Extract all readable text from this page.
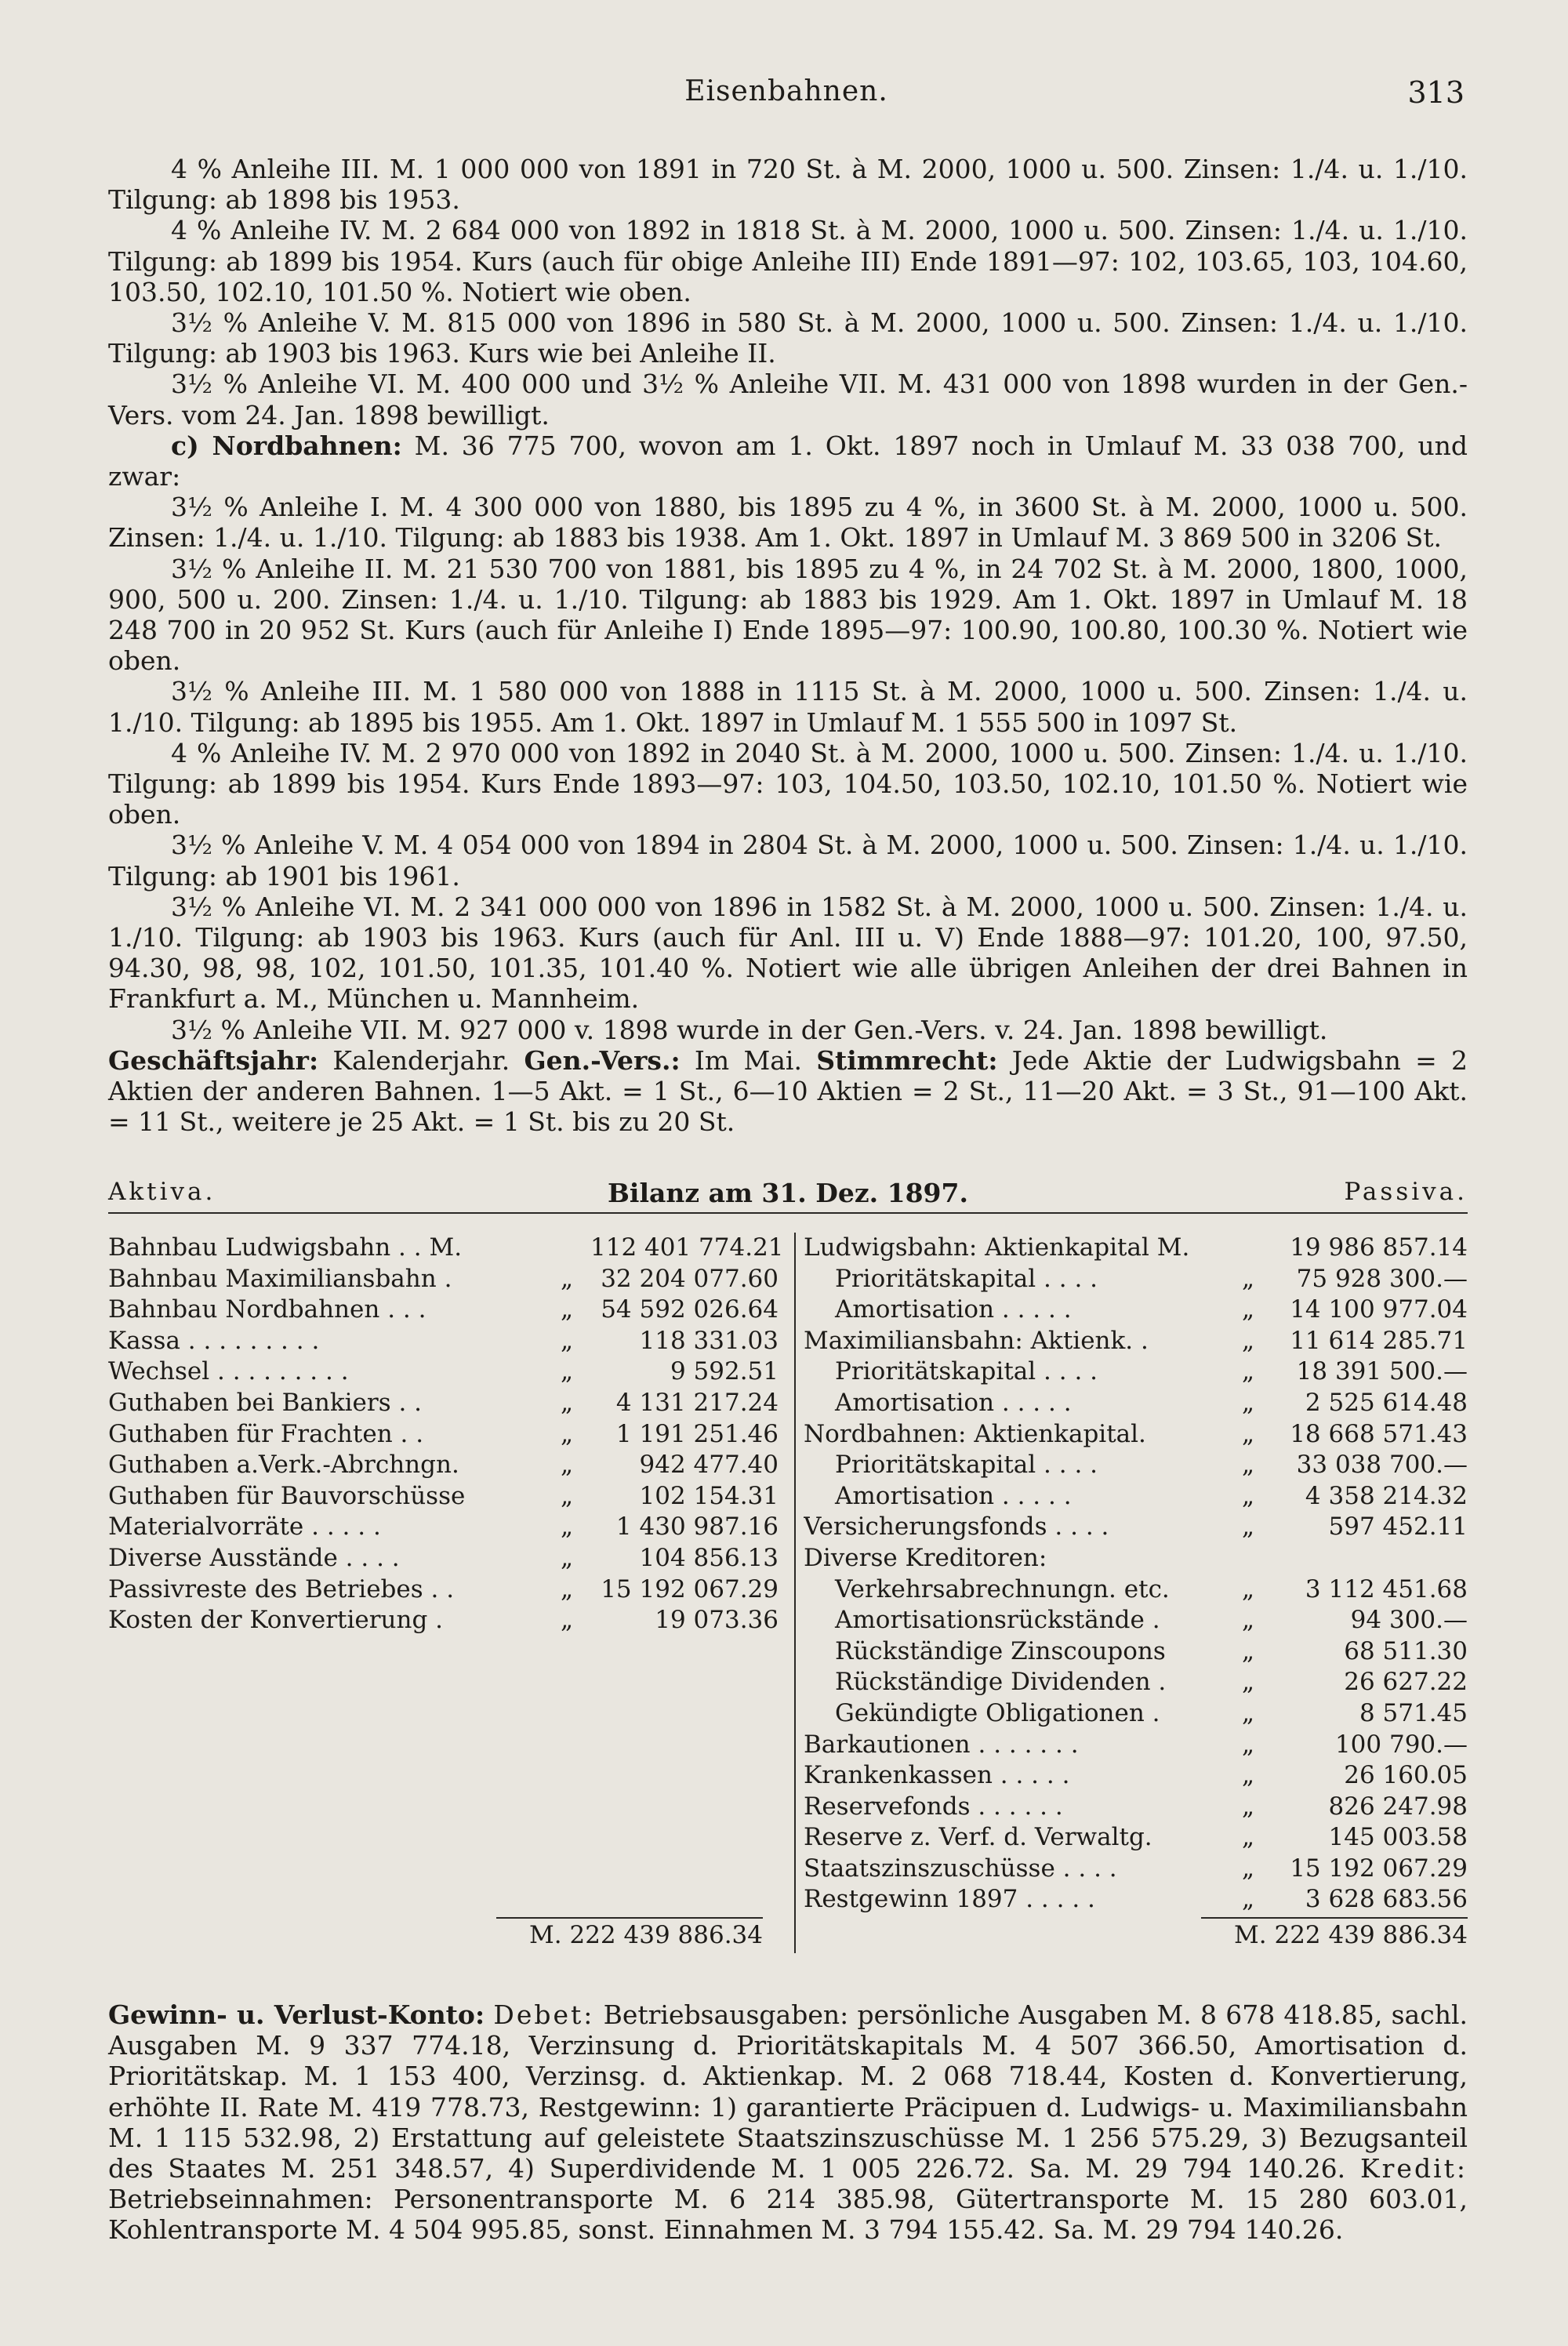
Eisenbahnen.	313

4 % Anleihe III. M. 1 000 000 von 1891 in 720 St. à M. 2000, 1000 u. 500. Zinsen: 1./4. u. 1./10. Tilgung: ab 1898 bis 1953.

4 % Anleihe IV. M. 2 684 000 von 1892 in 1818 St. à M. 2000, 1000 u. 500. Zinsen: 1./4. u. 1./10. Tilgung: ab 1899 bis 1954. Kurs (auch für obige Anleihe III) Ende 1891—97: 102, 103.65, 103, 104.60, 103.50, 102.10, 101.50 %. Notiert wie oben.

3½ % Anleihe V. M. 815 000 von 1896 in 580 St. à M. 2000, 1000 u. 500. Zinsen: 1./4. u. 1./10. Tilgung: ab 1903 bis 1963. Kurs wie bei Anleihe II.

3½ % Anleihe VI. M. 400 000 und 3½ % Anleihe VII. M. 431 000 von 1898 wurden in der Gen.-Vers. vom 24. Jan. 1898 bewilligt.

c) Nordbahnen: M. 36 775 700, wovon am 1. Okt. 1897 noch in Umlauf M. 33 038 700, und zwar:

3½ % Anleihe I. M. 4 300 000 von 1880, bis 1895 zu 4 %, in 3600 St. à M. 2000, 1000 u. 500. Zinsen: 1./4. u. 1./10. Tilgung: ab 1883 bis 1938. Am 1. Okt. 1897 in Umlauf M. 3 869 500 in 3206 St.

3½ % Anleihe II. M. 21 530 700 von 1881, bis 1895 zu 4 %, in 24 702 St. à M. 2000, 1800, 1000, 900, 500 u. 200. Zinsen: 1./4. u. 1./10. Tilgung: ab 1883 bis 1929. Am 1. Okt. 1897 in Umlauf M. 18 248 700 in 20 952 St. Kurs (auch für Anleihe I) Ende 1895—97: 100.90, 100.80, 100.30 %. Notiert wie oben.

3½ % Anleihe III. M. 1 580 000 von 1888 in 1115 St. à M. 2000, 1000 u. 500. Zinsen: 1./4. u. 1./10. Tilgung: ab 1895 bis 1955. Am 1. Okt. 1897 in Umlauf M. 1 555 500 in 1097 St.

4 % Anleihe IV. M. 2 970 000 von 1892 in 2040 St. à M. 2000, 1000 u. 500. Zinsen: 1./4. u. 1./10. Tilgung: ab 1899 bis 1954. Kurs Ende 1893—97: 103, 104.50, 103.50, 102.10, 101.50 %. Notiert wie oben.

3½ % Anleihe V. M. 4 054 000 von 1894 in 2804 St. à M. 2000, 1000 u. 500. Zinsen: 1./4. u. 1./10. Tilgung: ab 1901 bis 1961.

3½ % Anleihe VI. M. 2 341 000 000 von 1896 in 1582 St. à M. 2000, 1000 u. 500. Zinsen: 1./4. u. 1./10. Tilgung: ab 1903 bis 1963. Kurs (auch für Anl. III u. V) Ende 1888—97: 101.20, 100, 97.50, 94.30, 98, 98, 102, 101.50, 101.35, 101.40 %. Notiert wie alle übrigen Anleihen der drei Bahnen in Frankfurt a. M., München u. Mannheim.

3½ % Anleihe VII. M. 927 000 v. 1898 wurde in der Gen.-Vers. v. 24. Jan. 1898 bewilligt.

Geschäftsjahr: Kalenderjahr. Gen.-Vers.: Im Mai. Stimmrecht: Jede Aktie der Ludwigsbahn = 2 Aktien der anderen Bahnen. 1—5 Akt. = 1 St., 6—10 Aktien = 2 St., 11—20 Akt. = 3 St., 91—100 Akt. = 11 St., weitere je 25 Akt. = 1 St. bis zu 20 St.

Aktiva.	Bilanz am 31. Dez. 1897.	Passiva.
Bahnbau Ludwigsbahn . . M.	112 401 774.21
Bahnbau Maximiliansbahn .	„	32 204 077.60
Bahnbau Nordbahnen . . .	„	54 592 026.64
Kassa . . . . . . . . .	„	118 331.03
Wechsel . . . . . . . . .	„	9 592.51
Guthaben bei Bankiers . .	„	4 131 217.24
Guthaben für Frachten . .	„	1 191 251.46
Guthaben a.Verk.-Abrchngn.	„	942 477.40
Guthaben für Bauvorschüsse	„	102 154.31
Materialvorräte . . . . .	„	1 430 987.16
Diverse Ausstände . . . .	„	104 856.13
Passivreste des Betriebes . .	„	15 192 067.29
Kosten der Konvertierung .	„	19 073.36
M. 222 439 886.34
Ludwigsbahn: Aktienkapital M.	19 986 857.14
Prioritätskapital . . . .	„	75 928 300.—
Amortisation . . . . .	„	14 100 977.04
Maximiliansbahn: Aktienk. .	„	11 614 285.71
Prioritätskapital . . . .	„	18 391 500.—
Amortisation . . . . .	„	2 525 614.48
Nordbahnen: Aktienkapital.	„	18 668 571.43
Prioritätskapital . . . .	„	33 038 700.—
Amortisation . . . . .	„	4 358 214.32
Versicherungsfonds . . . .	„	597 452.11
Diverse Kreditoren:
Verkehrsabrechnungn. etc.	„	3 112 451.68
Amortisationsrückstände .	„	94 300.—
Rückständige Zinscoupons	„	68 511.30
Rückständige Dividenden .	„	26 627.22
Gekündigte Obligationen .	„	8 571.45
Barkautionen . . . . . . .	„	100 790.—
Krankenkassen . . . . .	„	26 160.05
Reservefonds . . . . . .	„	826 247.98
Reserve z. Verf. d. Verwaltg.	„	145 003.58
Staatszinszuschüsse . . . .	„	15 192 067.29
Restgewinn 1897 . . . . .	„	3 628 683.56
M. 222 439 886.34

Gewinn- u. Verlust-Konto: Debet: Betriebsausgaben: persönliche Ausgaben M. 8 678 418.85, sachl. Ausgaben M. 9 337 774.18, Verzinsung d. Prioritätskapitals M. 4 507 366.50, Amortisation d. Prioritätskap. M. 1 153 400, Verzinsg. d. Aktienkap. M. 2 068 718.44, Kosten d. Konvertierung, erhöhte II. Rate M. 419 778.73, Restgewinn: 1) garantierte Präcipuen d. Ludwigs- u. Maximiliansbahn M. 1 115 532.98, 2) Erstattung auf geleistete Staatszinszuschüsse M. 1 256 575.29, 3) Bezugsanteil des Staates M. 251 348.57, 4) Superdividende M. 1 005 226.72. Sa. M. 29 794 140.26. Kredit: Betriebseinnahmen: Personentransporte M. 6 214 385.98, Gütertransporte M. 15 280 603.01, Kohlentransporte M. 4 504 995.85, sonst. Einnahmen M. 3 794 155.42. Sa. M. 29 794 140.26.
